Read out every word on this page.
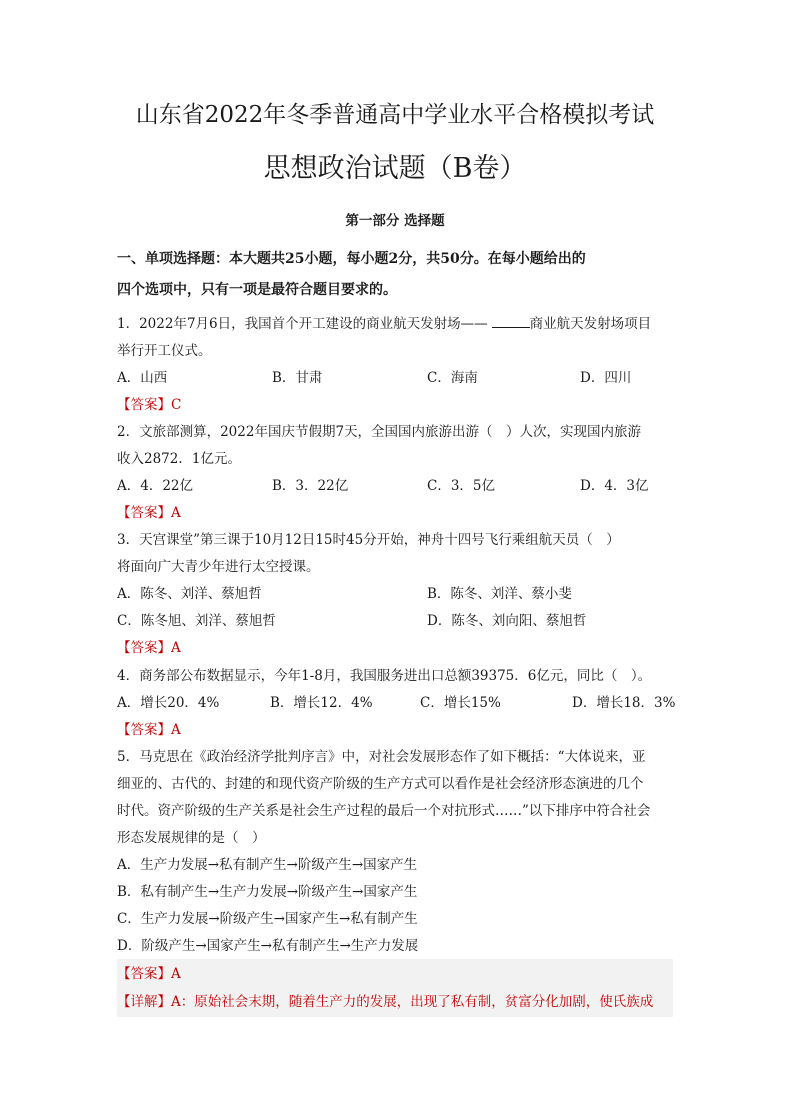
山东省2022年冬季普通高中学业水平合格模拟考试
思想政治试题（B卷）
第一部分 选择题
一、单项选择题：本大题共25小题，每小题2分，共50分。在每小题给出的
四个选项中，只有一项是最符合题目要求的。
1．2022年7月6日，我国首个开工建设的商业航天发射场——	商业航天发射场项目
举行开工仪式。
A．山西	B．甘肃	C．海南	D．四川
【答案】C
2．文旅部测算，2022年国庆节假期7天，全国国内旅游出游（　）人次，实现国内旅游
收入2872．1亿元。
A．4．22亿	B．3．22亿	C．3．5亿	D．4．3亿
【答案】A
3．天宫课堂”第三课于10月12日15时45分开始，神舟十四号飞行乘组航天员（　）
将面向广大青少年进行太空授课。
A．陈冬、刘洋、蔡旭哲	B．陈冬、刘洋、蔡小斐
C．陈冬旭、刘洋、蔡旭哲	D．陈冬、刘向阳、蔡旭哲
【答案】A
4．商务部公布数据显示，今年1-8月，我国服务进出口总额39375．6亿元，同比（　）。
A．增长20．4%	B．增长12．4%	C．增长15%	D．增长18．3%
【答案】A
5．马克思在《政治经济学批判序言》中，对社会发展形态作了如下概括：“大体说来，亚
细亚的、古代的、封建的和现代资产阶级的生产方式可以看作是社会经济形态演进的几个
时代。资产阶级的生产关系是社会生产过程的最后一个对抗形式……”以下排序中符合社会
形态发展规律的是（　）
A．生产力发展→私有制产生→阶级产生→国家产生
B．私有制产生→生产力发展→阶级产生→国家产生
C．生产力发展→阶级产生→国家产生→私有制产生
D．阶级产生→国家产生→私有制产生→生产力发展
【答案】A
【详解】A：原始社会末期，随着生产力的发展，出现了私有制，贫富分化加剧，使氏族成
